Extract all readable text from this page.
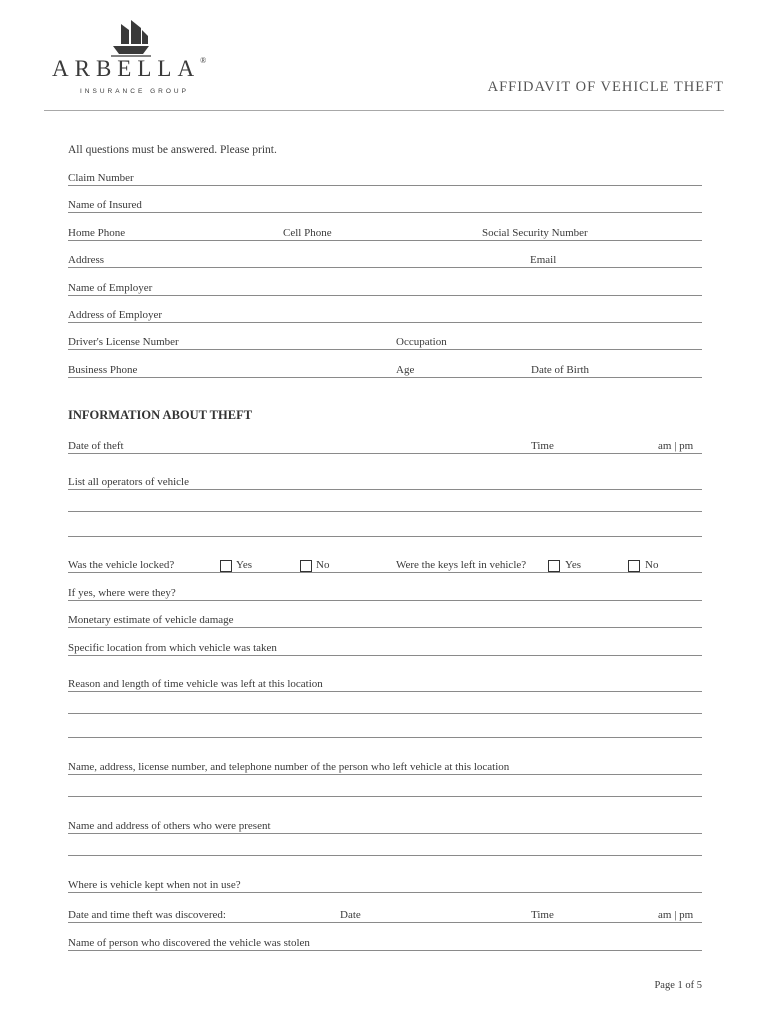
ARBELLA®
INSURANCE GROUP	AFFIDAVIT OF VEHICLE THEFT
All questions must be answered. Please print.
Claim Number
Name of Insured
Home Phone	Cell Phone	Social Security Number
Address	Email
Name of Employer
Address of Employer
Driver's License Number	Occupation
Business Phone	Age	Date of Birth
INFORMATION ABOUT THEFT
Date of theft	Time	am | pm
List all operators of vehicle
Was the vehicle locked?	Yes	No	Were the keys left in vehicle?	Yes	No
If yes, where were they?
Monetary estimate of vehicle damage
Specific location from which vehicle was taken
Reason and length of time vehicle was left at this location
Name, address, license number, and telephone number of the person who left vehicle at this location
Name and address of others who were present
Where is vehicle kept when not in use?
Date and time theft was discovered:	Date	Time	am | pm
Name of person who discovered the vehicle was stolen
Page 1 of 5
